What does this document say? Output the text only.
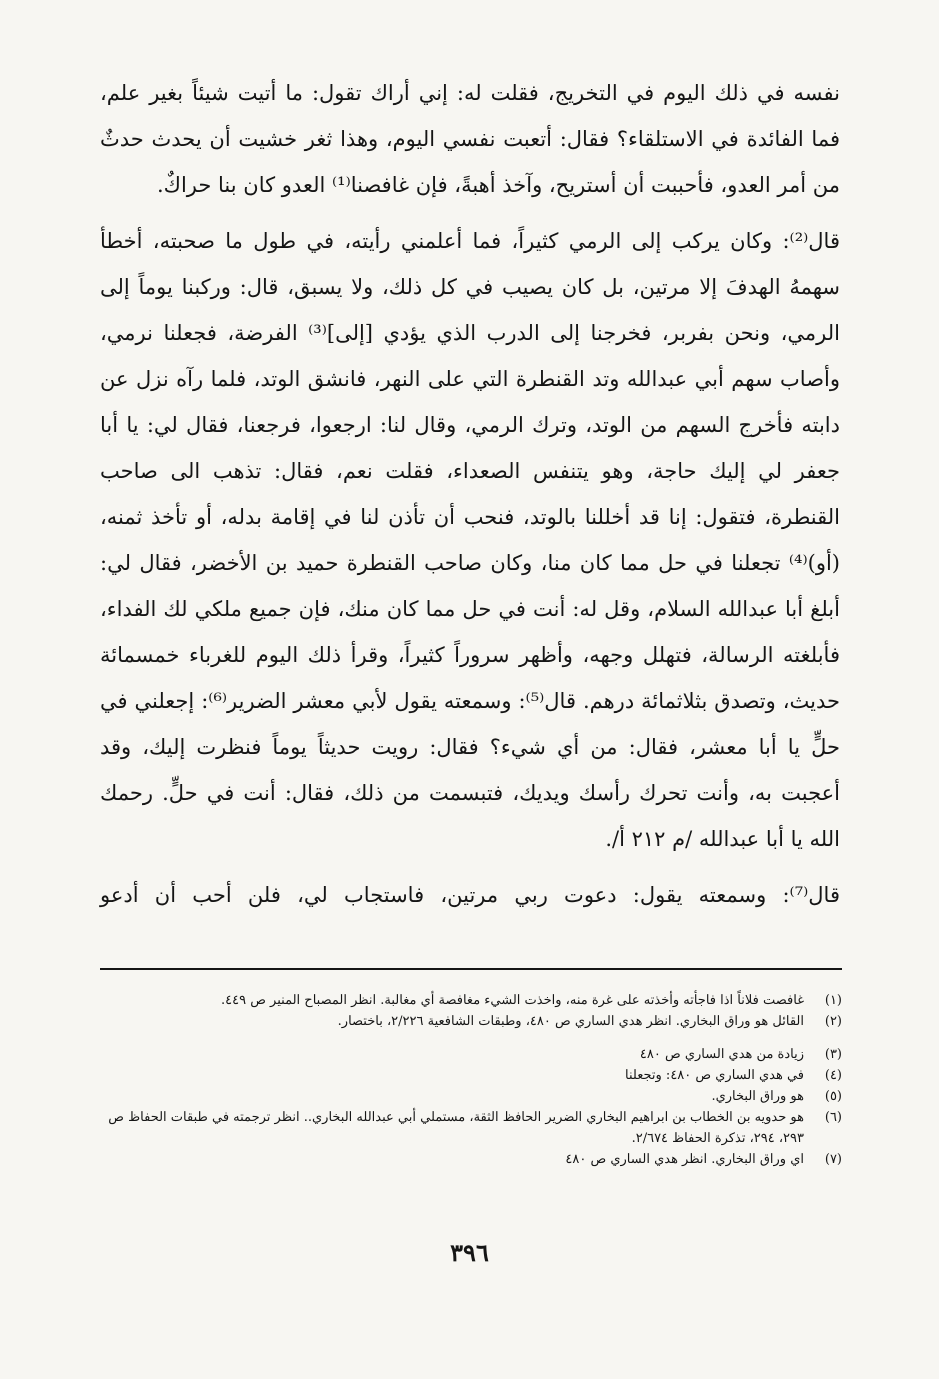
نفسه في ذلك اليوم في التخريج، فقلت له: إني أراك تقول: ما أتيت شيئاً بغير علم، فما الفائدة في الاستلقاء؟ فقال: أتعبت نفسي اليوم، وهذا ثغر خشيت أن يحدث حدثٌ من أمر العدو، فأحببت أن أستريح، وآخذ أهبةً، فإن غافصنا⁽¹⁾ العدو كان بنا حراكٌ.

قال⁽²⁾: وكان يركب إلى الرمي كثيراً، فما أعلمني رأيته، في طول ما صحبته، أخطأ سهمهُ الهدفَ إلا مرتين، بل كان يصيب في كل ذلك، ولا يسبق، قال: وركبنا يوماً إلى الرمي، ونحن بفربر، فخرجنا إلى الدرب الذي يؤدي [إلى]⁽³⁾ الفرضة، فجعلنا نرمي، وأصاب سهم أبي عبدالله وتد القنطرة التي على النهر، فانشق الوتد، فلما رآه نزل عن دابته فأخرج السهم من الوتد، وترك الرمي، وقال لنا: ارجعوا، فرجعنا، فقال لي: يا أبا جعفر لي إليك حاجة، وهو يتنفس الصعداء، فقلت نعم، فقال: تذهب الى صاحب القنطرة، فتقول: إنا قد أخللنا بالوتد، فنحب أن تأذن لنا في إقامة بدله، أو تأخذ ثمنه، (أو)⁽⁴⁾ تجعلنا في حل مما كان منا، وكان صاحب القنطرة حميد بن الأخضر، فقال لي: أبلغ أبا عبدالله السلام، وقل له: أنت في حل مما كان منك، فإن جميع ملكي لك الفداء، فأبلغته الرسالة، فتهلل وجهه، وأظهر سروراً كثيراً، وقرأ ذلك اليوم للغرباء خمسمائة حديث، وتصدق بثلاثمائة درهم. قال⁽⁵⁾: وسمعته يقول لأبي معشر الضرير⁽⁶⁾: إجعلني في حلٍّ يا أبا معشر، فقال: من أي شيء؟ فقال: رويت حديثاً يوماً فنظرت إليك، وقد أعجبت به، وأنت تحرك رأسك ويديك، فتبسمت من ذلك، فقال: أنت في حلٍّ. رحمك الله يا أبا عبدالله /م ٢١٢ أ/.

قال⁽⁷⁾: وسمعته يقول: دعوت ربي مرتين، فاستجاب لي، فلن أحب أن أدعو

(١)
غافصت فلاناً اذا فاجأته وأخذته على غرة منه، واخذت الشيء مغافصة أي مغالبة. انظر المصباح المنير ص ٤٤٩.
(٢)
القائل هو وراق البخاري. انظر هدي الساري ص ٤٨٠، وطبقات الشافعية ٢/٢٢٦، باختصار.
(٣)
زيادة من هدي الساري ص ٤٨٠
(٤)
في هدي الساري ص ٤٨٠: وتجعلنا
(٥)
هو وراق البخاري.
(٦)
هو حدويه بن الخطاب بن ابراهيم البخاري الضرير الحافظ الثقة، مستملي أبي عبدالله البخاري.. انظر ترجمته في طبقات الحفاظ ص ٢٩٣، ٢٩٤، تذكرة الحفاظ ٢/٦٧٤.
(٧)
اي وراق البخاري. انظر هدي الساري ص ٤٨٠
٣٩٦
